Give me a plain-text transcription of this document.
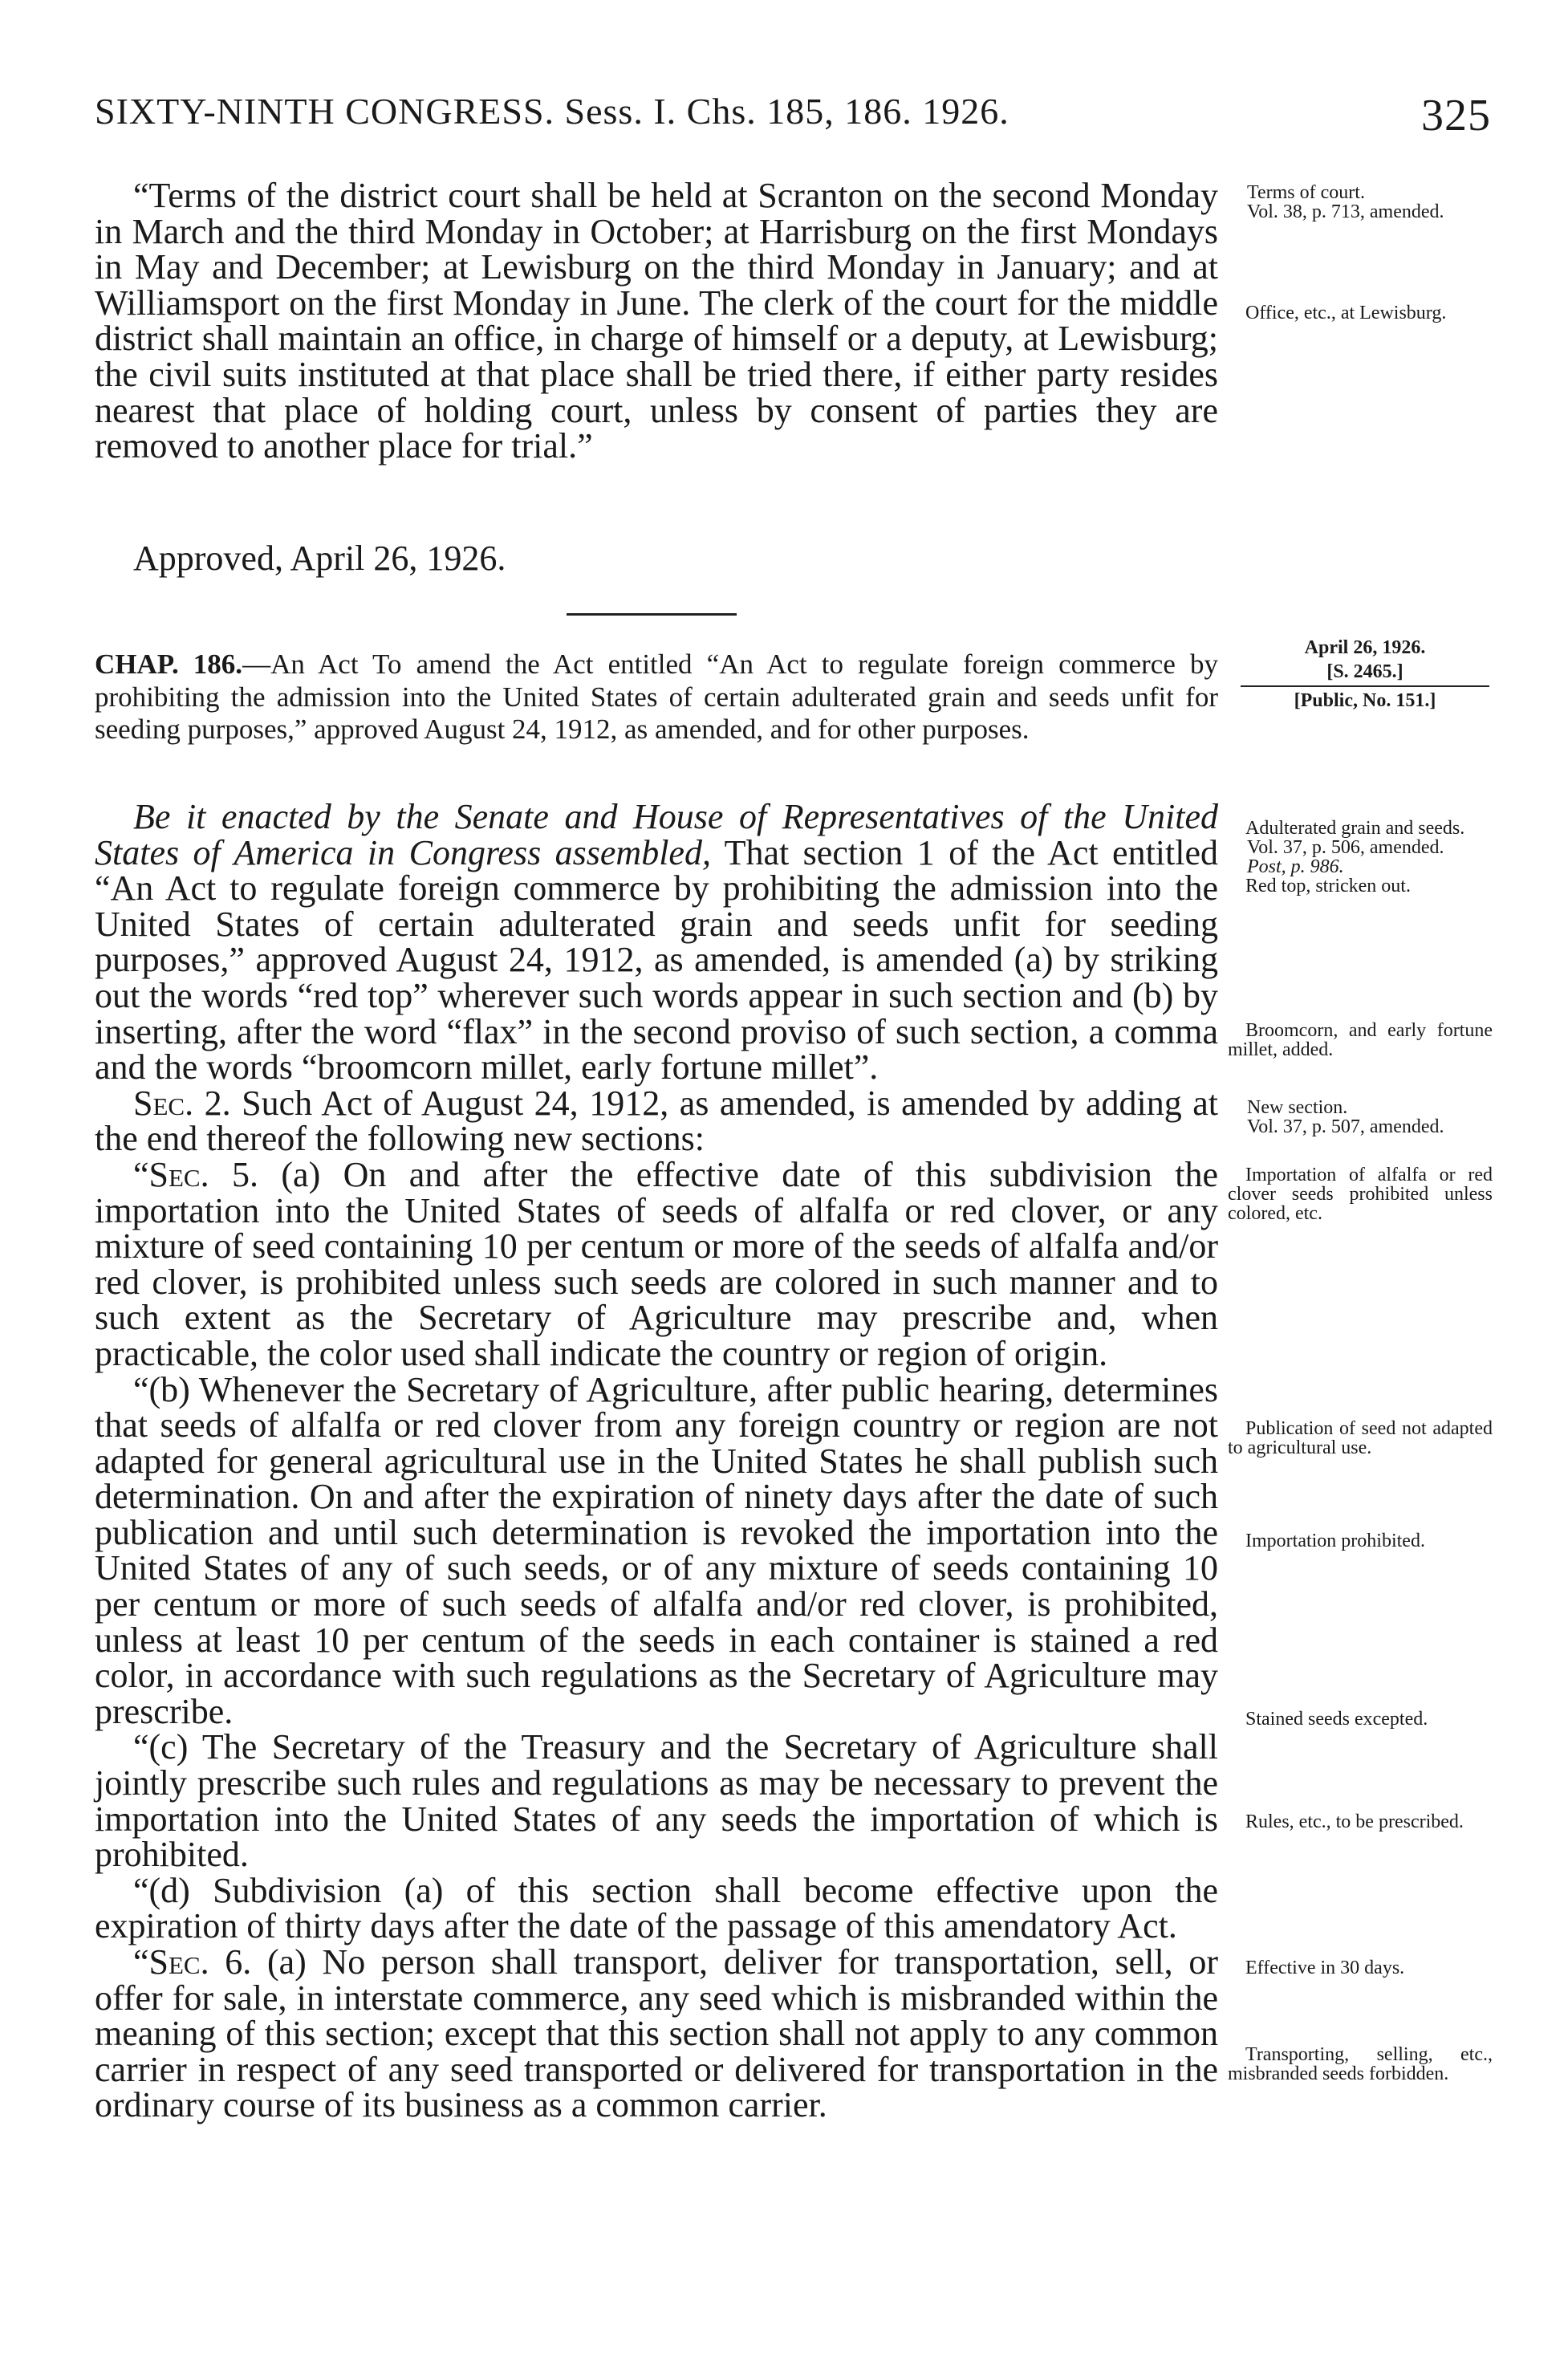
SIXTY-NINTH CONGRESS. Sess. I. Chs. 185, 186. 1926.	325

“Terms of the district court shall be held at Scranton on the second Monday in March and the third Monday in October; at Harrisburg on the first Mondays in May and December; at Lewisburg on the third Monday in January; and at Williamsport on the first Monday in June. The clerk of the court for the middle district shall maintain an office, in charge of himself or a deputy, at Lewisburg; the civil suits instituted at that place shall be tried there, if either party resides nearest that place of holding court, unless by consent of parties they are removed to another place for trial.”

Approved, April 26, 1926.

CHAP. 186.—An Act To amend the Act entitled “An Act to regulate foreign commerce by prohibiting the admission into the United States of certain adulterated grain and seeds unfit for seeding purposes,” approved August 24, 1912, as amended, and for other purposes.

Be it enacted by the Senate and House of Representatives of the United States of America in Congress assembled, That section 1 of the Act entitled “An Act to regulate foreign commerce by prohibiting the admission into the United States of certain adulterated grain and seeds unfit for seeding purposes,” approved August 24, 1912, as amended, is amended (a) by striking out the words “red top” wherever such words appear in such section and (b) by inserting, after the word “flax” in the second proviso of such section, a comma and the words “broomcorn millet, early fortune millet”.

Sec. 2. Such Act of August 24, 1912, as amended, is amended by adding at the end thereof the following new sections:

“Sec. 5. (a) On and after the effective date of this subdivision the importation into the United States of seeds of alfalfa or red clover, or any mixture of seed containing 10 per centum or more of the seeds of alfalfa and/or red clover, is prohibited unless such seeds are colored in such manner and to such extent as the Secretary of Agriculture may prescribe and, when practicable, the color used shall indicate the country or region of origin.

“(b) Whenever the Secretary of Agriculture, after public hearing, determines that seeds of alfalfa or red clover from any foreign country or region are not adapted for general agricultural use in the United States he shall publish such determination. On and after the expiration of ninety days after the date of such publication and until such determination is revoked the importation into the United States of any of such seeds, or of any mixture of seeds containing 10 per centum or more of such seeds of alfalfa and/or red clover, is prohibited, unless at least 10 per centum of the seeds in each container is stained a red color, in accordance with such regulations as the Secretary of Agriculture may prescribe.

“(c) The Secretary of the Treasury and the Secretary of Agriculture shall jointly prescribe such rules and regulations as may be necessary to prevent the importation into the United States of any seeds the importation of which is prohibited.

“(d) Subdivision (a) of this section shall become effective upon the expiration of thirty days after the date of the passage of this amendatory Act.

“Sec. 6. (a) No person shall transport, deliver for transportation, sell, or offer for sale, in interstate commerce, any seed which is misbranded within the meaning of this section; except that this section shall not apply to any common carrier in respect of any seed transported or delivered for transportation in the ordinary course of its business as a common carrier.

Terms of court.
Vol. 38, p. 713, amended.

Office, etc., at Lewisburg.

April 26, 1926.
[S. 2465.]
[Public, No. 151.]

Adulterated grain and seeds.

Vol. 37, p. 506, amended.
Post, p. 986.

Red top, stricken out.

Broomcorn, and early fortune millet, added.

New section.
Vol. 37, p. 507, amended.

Importation of alfalfa or red clover seeds prohibited unless colored, etc.

Publication of seed not adapted to agricultural use.

Importation prohibited.

Stained seeds excepted.

Rules, etc., to be prescribed.

Effective in 30 days.

Transporting, selling, etc., misbranded seeds forbidden.
